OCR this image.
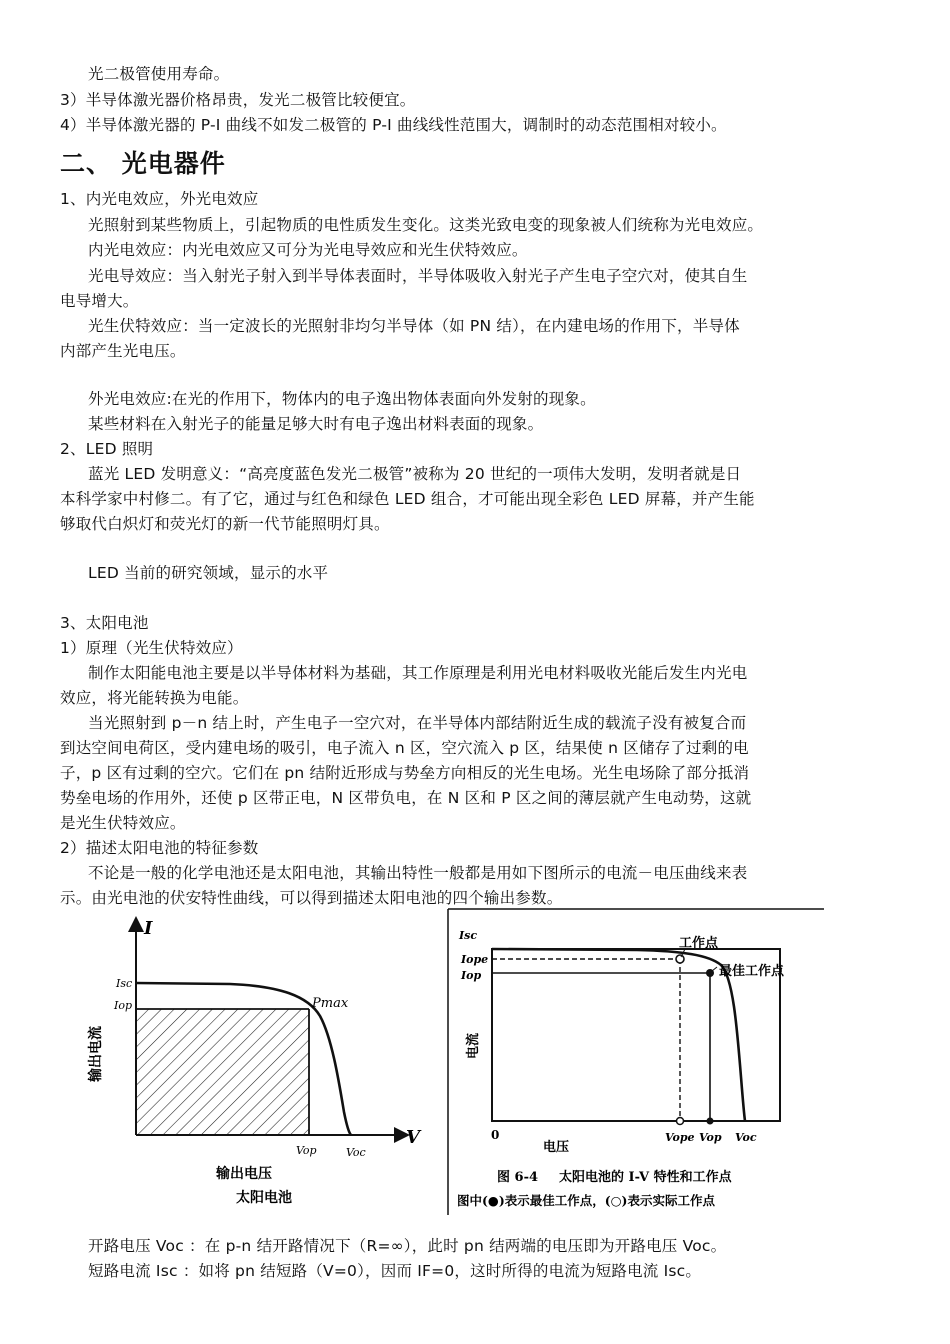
光二极管使用寿命。
3）半导体激光器价格昂贵，发光二极管比较便宜。
4）半导体激光器的 P-I 曲线不如发二极管的 P-I 曲线线性范围大，调制时的动态范围相对较小。
二、 光电器件
1、内光电效应，外光电效应
光照射到某些物质上，引起物质的电性质发生变化。这类光致电变的现象被人们统称为光电效应。
内光电效应：内光电效应又可分为光电导效应和光生伏特效应。
光电导效应：当入射光子射入到半导体表面时，半导体吸收入射光子产生电子空穴对，使其自生
电导增大。
光生伏特效应：当一定波长的光照射非均匀半导体（如 PN 结），在内建电场的作用下，半导体
内部产生光电压。
外光电效应:在光的作用下，物体内的电子逸出物体表面向外发射的现象。
某些材料在入射光子的能量足够大时有电子逸出材料表面的现象。
2、LED 照明
蓝光 LED 发明意义：“高亮度蓝色发光二极管”被称为 20 世纪的一项伟大发明，发明者就是日
本科学家中村修二。有了它，通过与红色和绿色 LED 组合，才可能出现全彩色 LED 屏幕，并产生能
够取代白炽灯和荧光灯的新一代节能照明灯具。
LED 当前的研究领域，显示的水平
3、太阳电池
1）原理（光生伏特效应）
制作太阳能电池主要是以半导体材料为基础，其工作原理是利用光电材料吸收光能后发生内光电
效应，将光能转换为电能。
当光照射到 p－n 结上时，产生电子一空穴对，在半导体内部结附近生成的载流子没有被复合而
到达空间电荷区，受内建电场的吸引，电子流入 n 区，空穴流入 p 区，结果使 n 区储存了过剩的电
子，p 区有过剩的空穴。它们在 pn 结附近形成与势垒方向相反的光生电场。光生电场除了部分抵消
势垒电场的作用外，还使 p 区带正电，N 区带负电，在 N 区和 P 区之间的薄层就产生电动势，这就
是光生伏特效应。
2）描述太阳电池的特征参数
不论是一般的化学电池还是太阳电池，其输出特性一般都是用如下图所示的电流－电压曲线来表
示。由光电池的伏安特性曲线，可以得到描述太阳电池的四个输出参数。
I
V
Isc
Iop	Pmax
Vop	Voc
输出电流
输出电压
太阳电池
Isc
Iope
Iop
工作点
最佳工作点
电流
0
电压
Vope Vop Voc
图 6-4 太阳电池的 I-V 特性和工作点
图中(●)表示最佳工作点，(○)表示实际工作点
开路电压 Voc ：在 p-n 结开路情况下（R=∞），此时 pn 结两端的电压即为开路电压 Voc。
短路电流 Isc ：如将 pn 结短路（V=0），因而 IF=0，这时所得的电流为短路电流 Isc。
